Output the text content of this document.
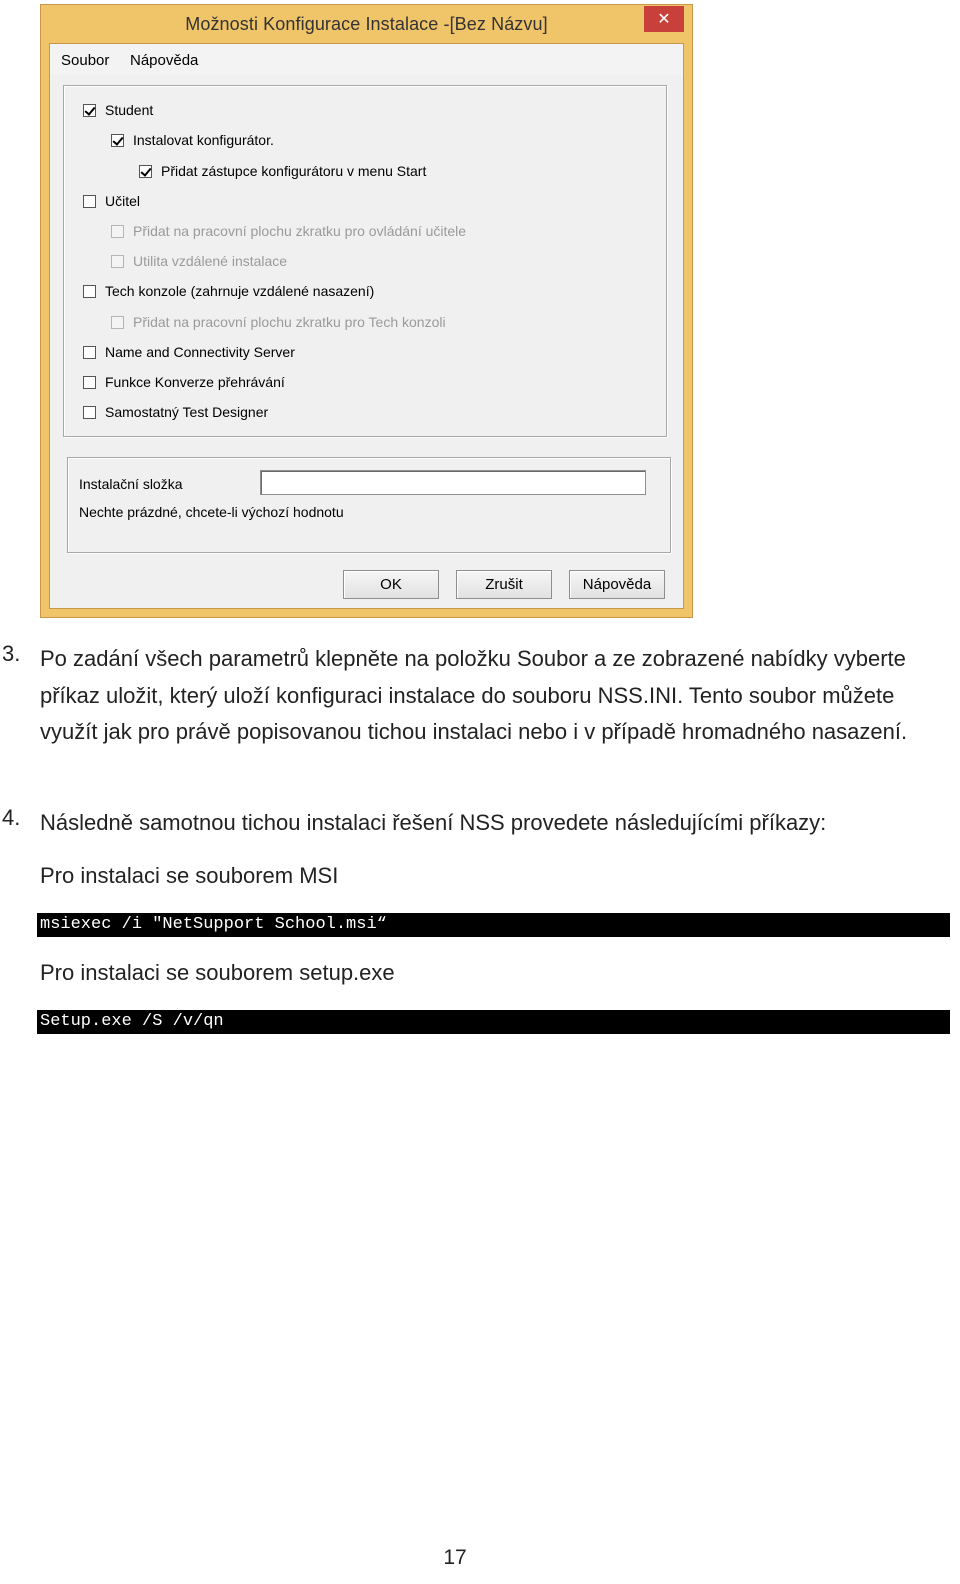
Možnosti Konfigurace Instalace -[Bez Názvu]	✕
Soubor Nápověda
Student
Instalovat konfigurátor.
Přidat zástupce konfigurátoru v menu Start
Učitel
Přidat na pracovní plochu zkratku pro ovládání učitele
Utilita vzdálené instalace
Tech konzole (zahrnuje vzdálené nasazení)
Přidat na pracovní plochu zkratku pro Tech konzoli
Name and Connectivity Server
Funkce Konverze přehrávání
Samostatný Test Designer
Instalační složka
Nechte prázdné, chcete-li výchozí hodnotu
OK	Zrušit	Nápověda
3. Po zadání všech parametrů klepněte na položku Soubor a ze zobrazené nabídky vyberte příkaz uložit, který uloží konfiguraci instalace do souboru NSS.INI. Tento soubor můžete využít jak pro právě popisovanou tichou instalaci nebo i v případě hromadného nasazení.
4. Následně samotnou tichou instalaci řešení NSS provedete následujícími příkazy:
Pro instalaci se souborem MSI
msiexec /i "NetSupport School.msi“
Pro instalaci se souborem setup.exe
Setup.exe /S /v/qn
17
